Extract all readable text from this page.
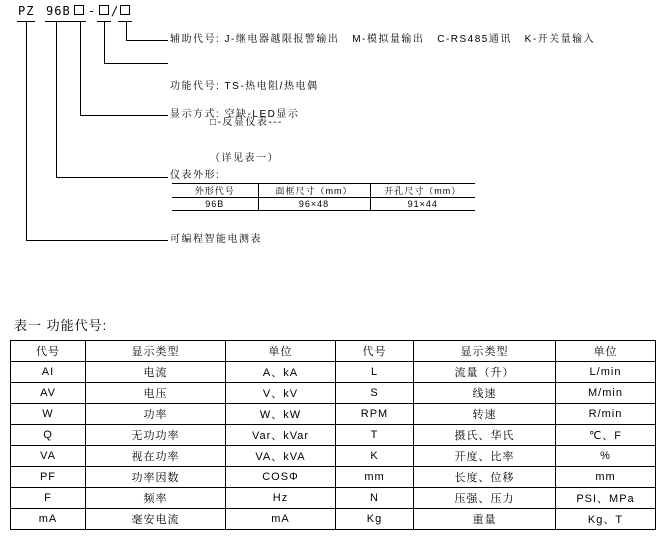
PZ 96B - /
辅助代号: J-继电器越限报警输出   M-模拟量输出   C-RS485通讯   K-开关量输入

功能代号: TS-热电阻/热电偶

□-反显仪表---

（详见表一）

显示方式: 空缺-LED显示
仪表外形:
外形代号	面框尺寸（mm）	开孔尺寸（mm）
96B	96×48	91×44
可编程智能电测表
表一 功能代号:
代号	显示类型	单位	代号	显示类型	单位
AI	电流	A、kA	L	流量（升）	L/min
AV	电压	V、kV	S	线速	M/min
W	功率	W、kW	RPM	转速	R/min
Q	无功功率	Var、kVar	T	摄氏、华氏	℃、F
VA	视在功率	VA、kVA	K	开度、比率	%
PF	功率因数	COSΦ	mm	长度、位移	mm
F	频率	Hz	N	压强、压力	PSI、MPa
mA	毫安电流	mA	Kg	重量	Kg、T
